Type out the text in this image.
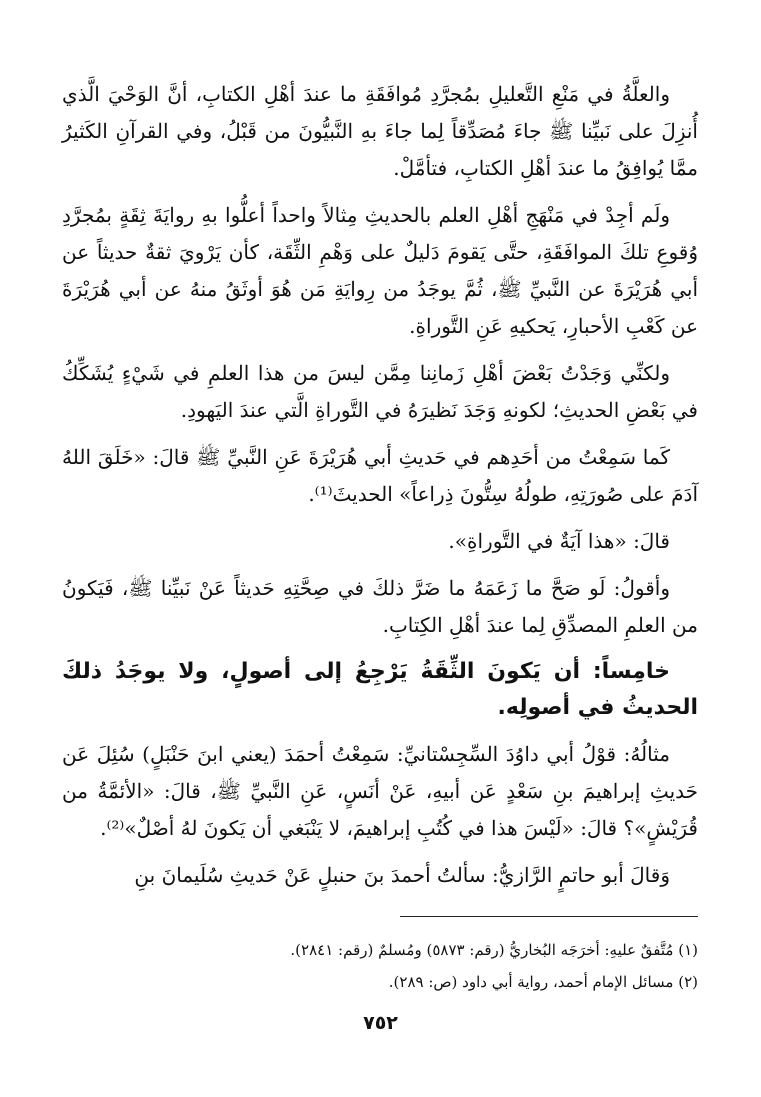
والعلَّةُ في مَنْعِ التَّعليلِ بمُجرَّدِ مُوافَقَةِ ما عندَ أهْلِ الكتابِ، أنَّ الوَحْيَ الَّذي أُنزِلَ على نَبيِّنا ﷺ جاءَ مُصَدِّقاً لِما جاءَ بهِ النَّبيُّونَ من قَبْلُ، وفي القرآنِ الكَثيرُ ممَّا يُوافِقُ ما عندَ أهْلِ الكتابِ، فتأمَّلْ.

ولَم أجِدْ في مَنْهَجِ أهْلِ العلم بالحديثِ مِثالاً واحداً أعلُّوا بهِ روايَةَ ثِقَةٍ بمُجرَّدِ وُقوعِ تلكَ الموافَقَةِ، حتَّى يَقومَ دَليلٌ على وَهْمِ الثِّقَة، كأن يَرْويَ ثقةٌ حديثاً عن أبي هُرَيْرَةَ عن النَّبيِّ ﷺ، ثُمَّ يوجَدُ من رِوايَةِ مَن هُوَ أوثَقُ منهُ عن أبي هُرَيْرَةَ عن كَعْبِ الأحبارِ، يَحكيهِ عَنِ التَّوراةِ.

ولكنِّي وَجَدْتُ بَعْضَ أهْلِ زَمانِنا مِمَّن ليسَ من هذا العلمِ في شَيْءٍ يُشَكِّكُ في بَعْضِ الحديثِ؛ لكونهِ وَجَدَ نَظيرَهُ في التَّوراةِ الَّتي عندَ اليَهودِ.

كَما سَمِعْتُ من أحَدِهم في حَديثِ أبي هُرَيْرَةَ عَنِ النَّبيِّ ﷺ قالَ: «خَلَقَ اللهُ آدَمَ على صُورَتِهِ، طولُهُ سِتُّونَ ذِراعاً» الحديثَ⁽¹⁾.

قالَ: «هذا آيَةٌ في التَّوراةِ».

وأقولُ: لَو صَحَّ ما زَعَمَهُ ما ضَرَّ ذلكَ في صِحَّتِهِ حَديثاً عَنْ نَبيِّنا ﷺ، فَيَكونُ من العلمِ المصدِّقِ لِما عندَ أهْلِ الكِتابِ.

خامِساً: أن يَكونَ الثِّقَةُ يَرْجِعُ إلى أصولٍ، ولا يوجَدُ ذلكَ الحديثُ في أصولِه.

مثالُهُ: قوْلُ أبي داوُدَ السِّجِسْتانيِّ: سَمِعْتُ أحمَدَ (يعني ابنَ حَنْبَلٍ) سُئِلَ عَن حَديثِ إبراهيمَ بنِ سَعْدٍ عَن أبيهِ، عَنْ أنَسٍ، عَنِ النَّبيِّ ﷺ، قالَ: «الأئمَّةُ من قُرَيْشٍ»؟ قالَ: «لَيْسَ هذا في كُتُبِ إبراهيمَ، لا يَنْبَغي أن يَكونَ لهُ أصْلٌ»⁽²⁾.

وَقالَ أبو حاتمٍ الرَّازيُّ: سألتُ أحمدَ بنَ حنبلٍ عَنْ حَديثِ سُلَيمانَ بنِ

(١) مُتَّفقٌ عليهِ: أخرَجَه البُخاريُّ (رقم: ٥٨٧٣) ومُسلمٌ (رقم: ٢٨٤١).
(٢) مسائل الإمام أحمد، رواية أبي داود (ص: ٢٨٩).
٧٥٢
